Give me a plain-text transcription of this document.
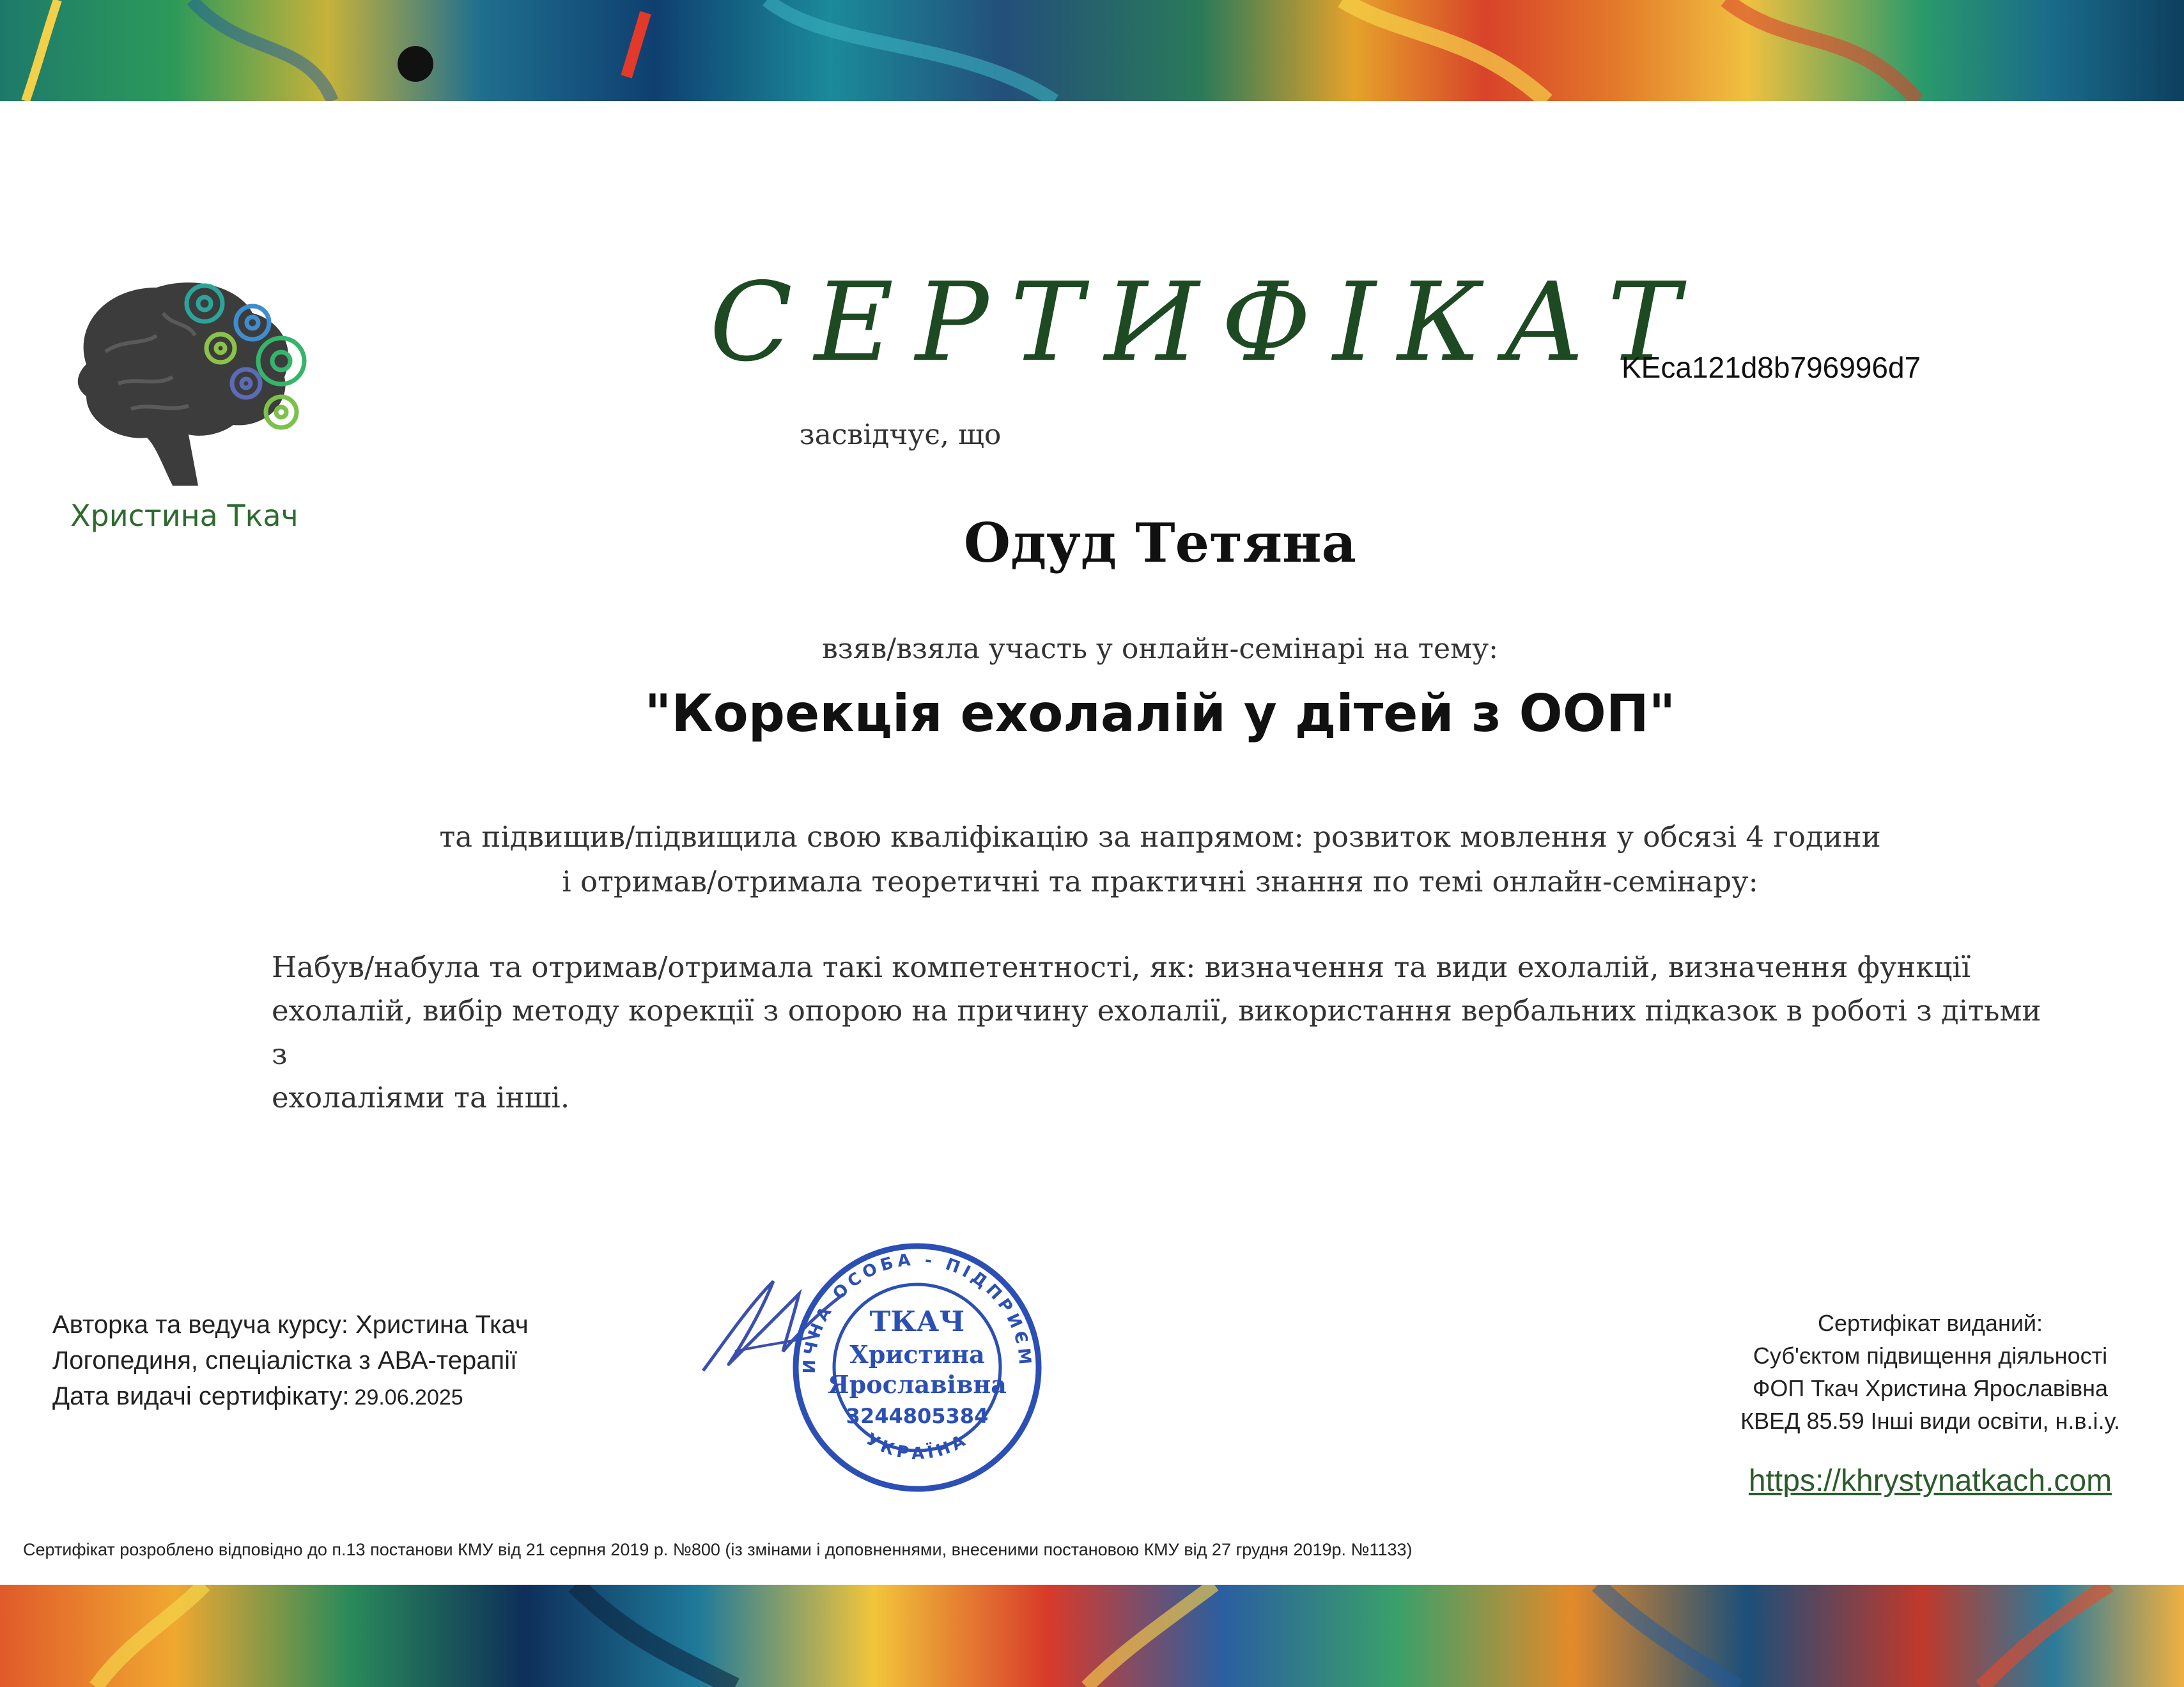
Христина Ткач
СЕРТИФІКАТ
KEca121d8b796996d7
засвідчує, що
Одуд Тетяна
взяв/взяла участь у онлайн-семінарі на тему:
"Корекція ехолалій у дітей з ООП"
та підвищив/підвищила свою кваліфікацію за напрямом: розвиток мовлення у обсязі 4 години
і отримав/отримала теоретичні та практичні знання по темі онлайн-семінару:
Набув/набула та отримав/отримала такі компетентності, як: визначення та види ехолалій, визначення функції
ехолалій, вибір методу корекції з опорою на причину ехолалії, використання вербальних підказок в роботі з дітьми з
ехолаліями та інші.
Авторка та ведуча курсу: Христина Ткач
Логопединя, спеціалістка з АВА-терапії
Дата видачі сертифікату: 29.06.2025
ИЧНА ОСОБА - ПІДПРИЄМ
УКРАЇНА
ТКАЧ
Христина
Ярославівна
3244805384
Сертифікат виданий:
Суб'єктом підвищення діяльності
ФОП Ткач Христина Ярославівна
КВЕД 85.59 Інші види освіти, н.в.і.у.
https://khrystynatkach.com
Сертифікат розроблено відповідно до п.13 постанови КМУ від 21 серпня 2019 р. №800 (із змінами і доповненнями, внесеними постановою КМУ від 27 грудня 2019р. №1133)
